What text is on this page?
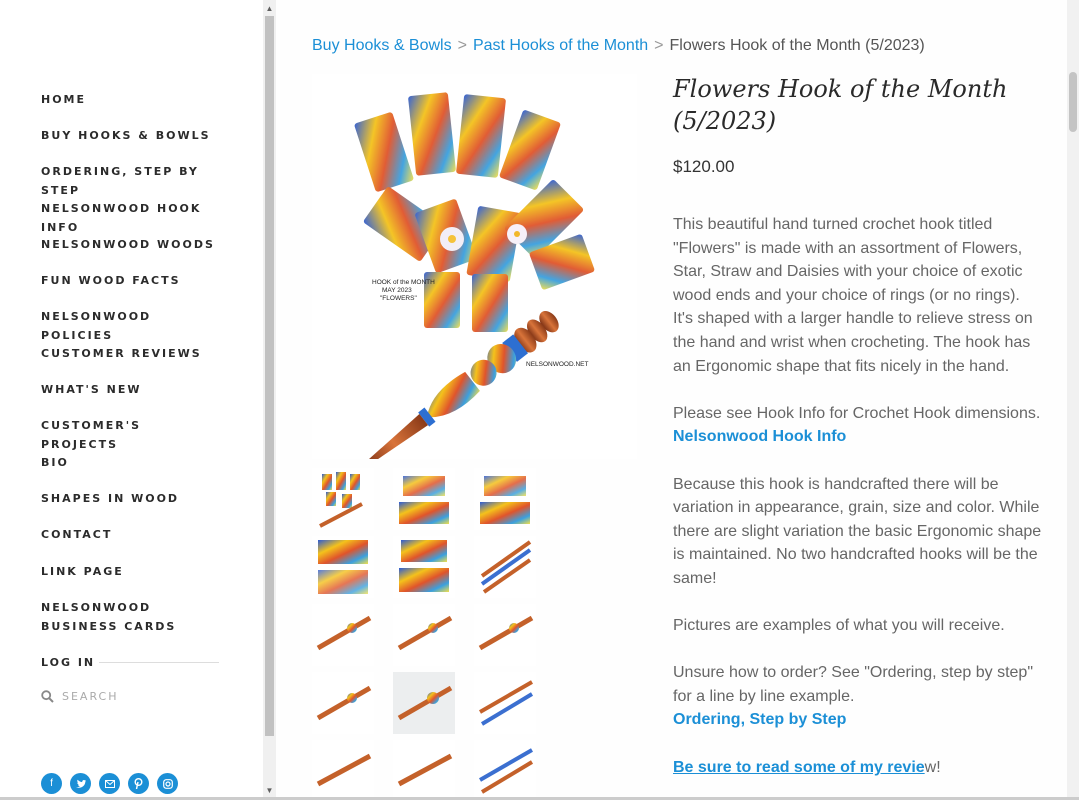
HOME
BUY HOOKS & BOWLS
ORDERING, STEP BY STEP
NELSONWOOD HOOK INFO
NELSONWOOD WOODS
FUN WOOD FACTS
NELSONWOOD POLICIES
CUSTOMER REVIEWS
WHAT'S NEW
CUSTOMER'S PROJECTS
BIO
SHAPES IN WOOD
CONTACT
LINK PAGE
NELSONWOOD BUSINESS CARDS
LOG IN
SEARCH
f
▲
▼
Buy Hooks & Bowls > Past Hooks of the Month > Flowers Hook of the Month (5/2023)
HOOK of the MONTH
MAY 2023
"FLOWERS"
NELSONWOOD.NET
Flowers Hook of the Month (5/2023)
$120.00

This beautiful hand turned crochet hook titled "Flowers" is made with an assortment of Flowers, Star, Straw and Daisies with your choice of exotic wood ends and your choice of rings (or no rings). It's shaped with a larger handle to relieve stress on the hand and wrist when crocheting. The hook has an Ergonomic shape that fits nicely in the hand.

Please see Hook Info for Crochet Hook dimensions. Nelsonwood Hook Info

Because this hook is handcrafted there will be variation in appearance, grain, size and color. While there are slight variation the basic Ergonomic shape is maintained. No two handcrafted hooks will be the same!

Pictures are examples of what you will receive.

Unsure how to order? See "Ordering, step by step" for a line by line example.
Ordering, Step by Step

Be sure to read some of my review!
